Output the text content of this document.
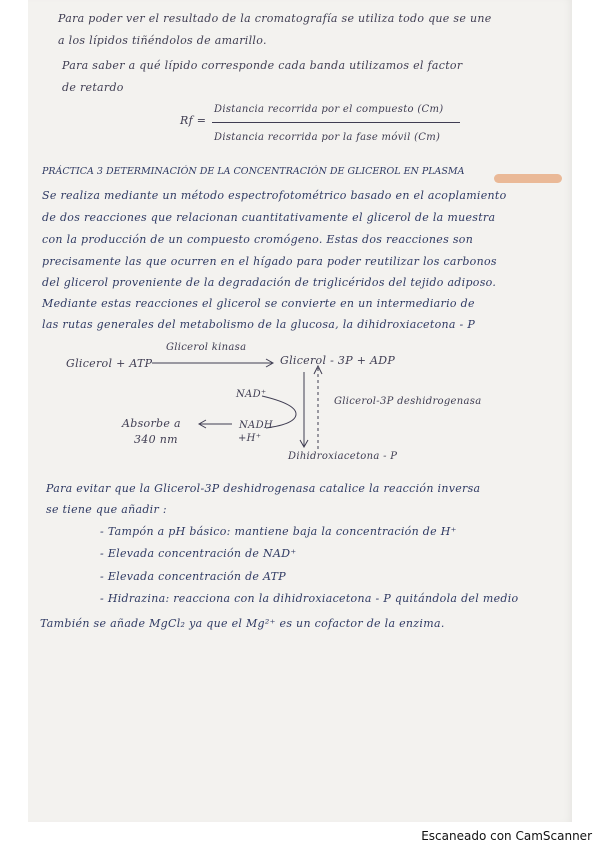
Para poder ver el resultado de la cromatografía se utiliza todo que se une
a los lípidos tiñéndolos de amarillo.
Para saber a qué lípido corresponde cada banda utilizamos el factor
de retardo
Rf =
Distancia recorrida por el compuesto (Cm)
Distancia recorrida por la fase móvil (Cm)
PRÁCTICA 3 DETERMINACIÓN DE LA CONCENTRACIÓN DE GLICEROL EN PLASMA
Se realiza mediante un método espectrofotométrico basado en el acoplamiento
de dos reacciones que relacionan cuantitativamente el glicerol de la muestra
con la producción de un compuesto cromógeno. Estas dos reacciones son
precisamente las que ocurren en el hígado para poder reutilizar los carbonos
del glicerol proveniente de la degradación de triglicéridos del tejido adiposo.
Mediante estas reacciones el glicerol se convierte en un intermediario de
las rutas generales del metabolismo de la glucosa, la dihidroxiacetona - P
Glicerol + ATP
Glicerol kinasa
Glicerol - 3P + ADP
NAD⁺
NADH
+H⁺
Absorbe a
340 nm
Glicerol-3P deshidrogenasa
Dihidroxiacetona - P
Para evitar que la Glicerol-3P deshidrogenasa catalice la reacción inversa
se tiene que añadir :
- Tampón a pH básico: mantiene baja la concentración de H⁺
- Elevada concentración de NAD⁺
- Elevada concentración de ATP
- Hidrazina: reacciona con la dihidroxiacetona - P quitándola del medio
También se añade MgCl₂ ya que el Mg²⁺ es un cofactor de la enzima.
Escaneado con CamScanner
